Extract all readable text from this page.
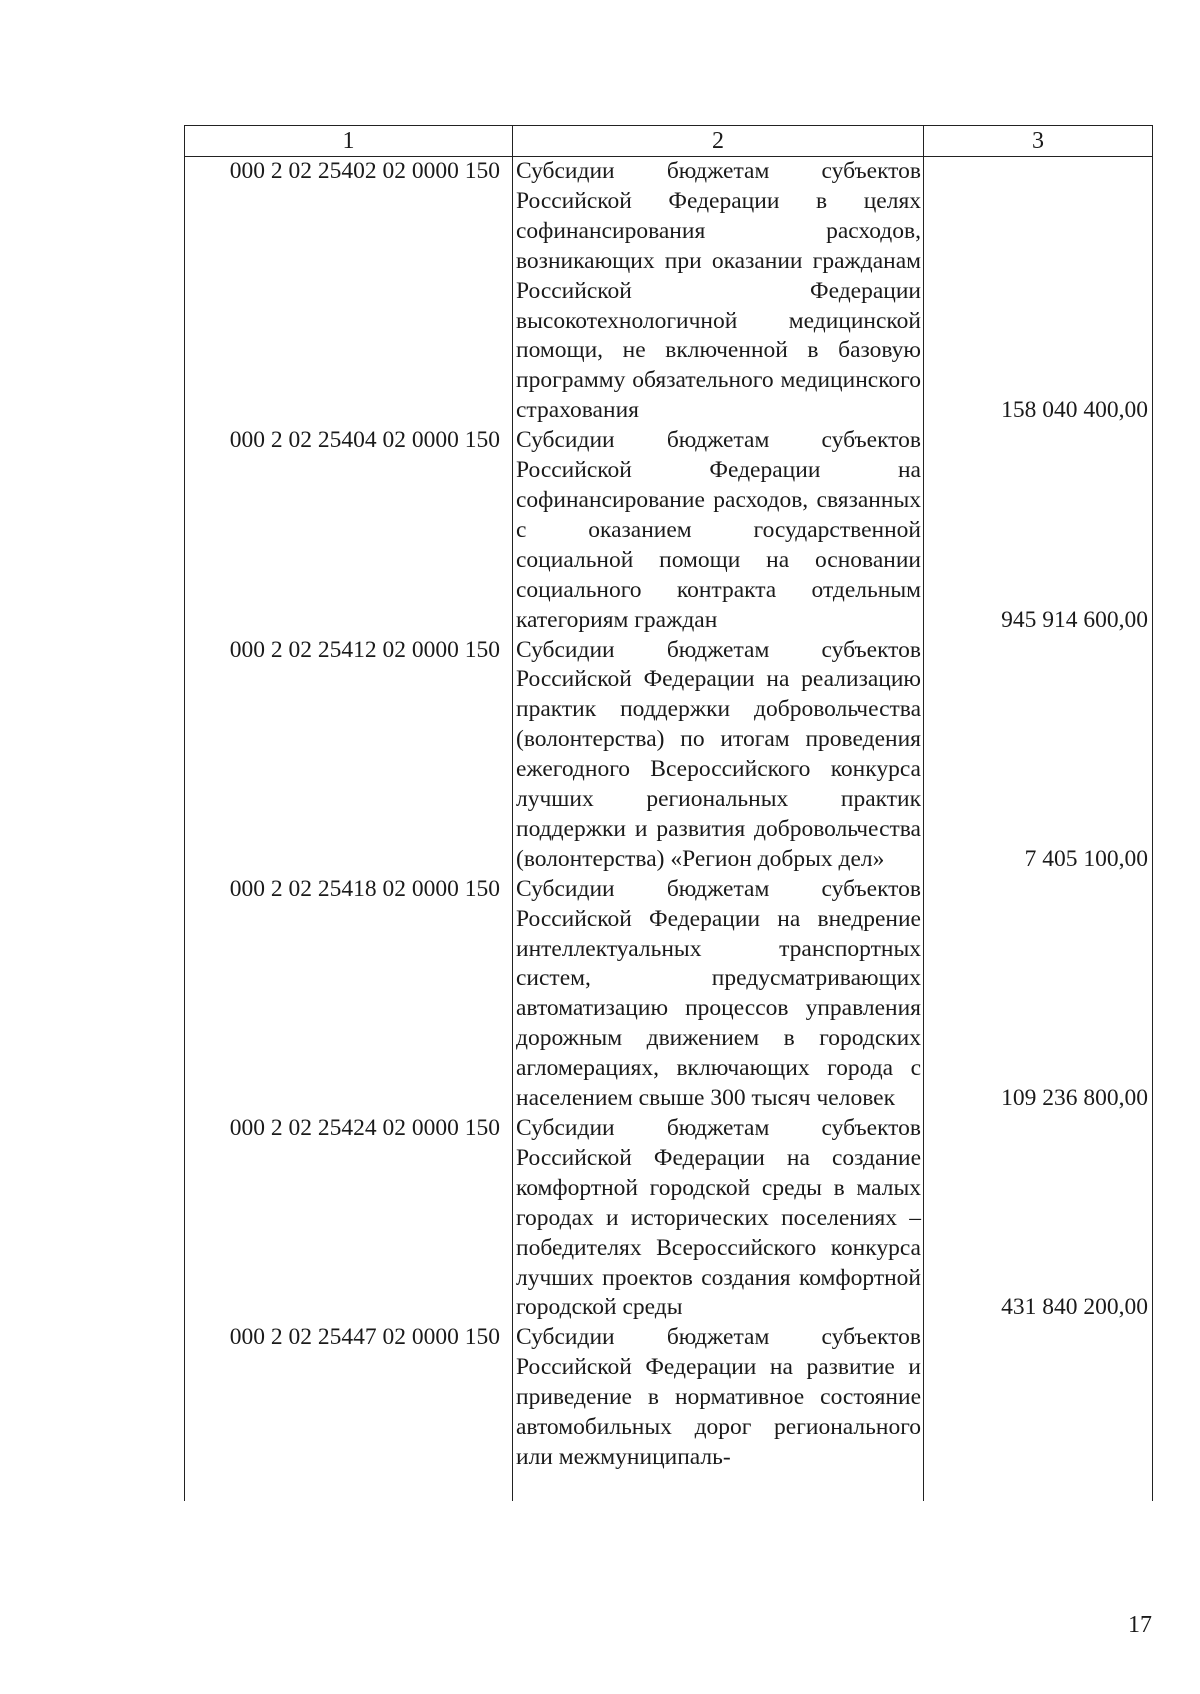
1	2	3
000 2 02 25402 02 0000 150	Субсидии бюджетам субъектов Российской Федерации в целях софинансирования расходов, возникающих при оказании гражданам Российской Федерации высокотехнологичной медицинской помощи, не включенной в базовую программу обязательного медицинского страхования	158 040 400,00
000 2 02 25404 02 0000 150	Субсидии бюджетам субъектов Российской Федерации на софинансирование расходов, связанных с оказанием государственной социальной помощи на основании социального контракта отдельным категориям граждан	945 914 600,00
000 2 02 25412 02 0000 150	Субсидии бюджетам субъектов Российской Федерации на реализацию практик поддержки добровольчества (волонтерства) по итогам проведения ежегодного Всероссийского конкурса лучших региональных практик поддержки и развития добровольчества (волонтерства) «Регион добрых дел»	7 405 100,00
000 2 02 25418 02 0000 150	Субсидии бюджетам субъектов Российской Федерации на внедрение интеллектуальных транспортных систем, предусматривающих автоматизацию процессов управления дорожным движением в городских агломерациях, включающих города с населением свыше 300 тысяч человек	109 236 800,00
000 2 02 25424 02 0000 150	Субсидии бюджетам субъектов Российской Федерации на создание комфортной городской среды в малых городах и исторических поселениях – победителях Всероссийского конкурса лучших проектов создания комфортной городской среды	431 840 200,00
000 2 02 25447 02 0000 150	Субсидии бюджетам субъектов Российской Федерации на развитие и приведение в нормативное состояние автомобильных дорог регионального или межмуниципаль-	
17
